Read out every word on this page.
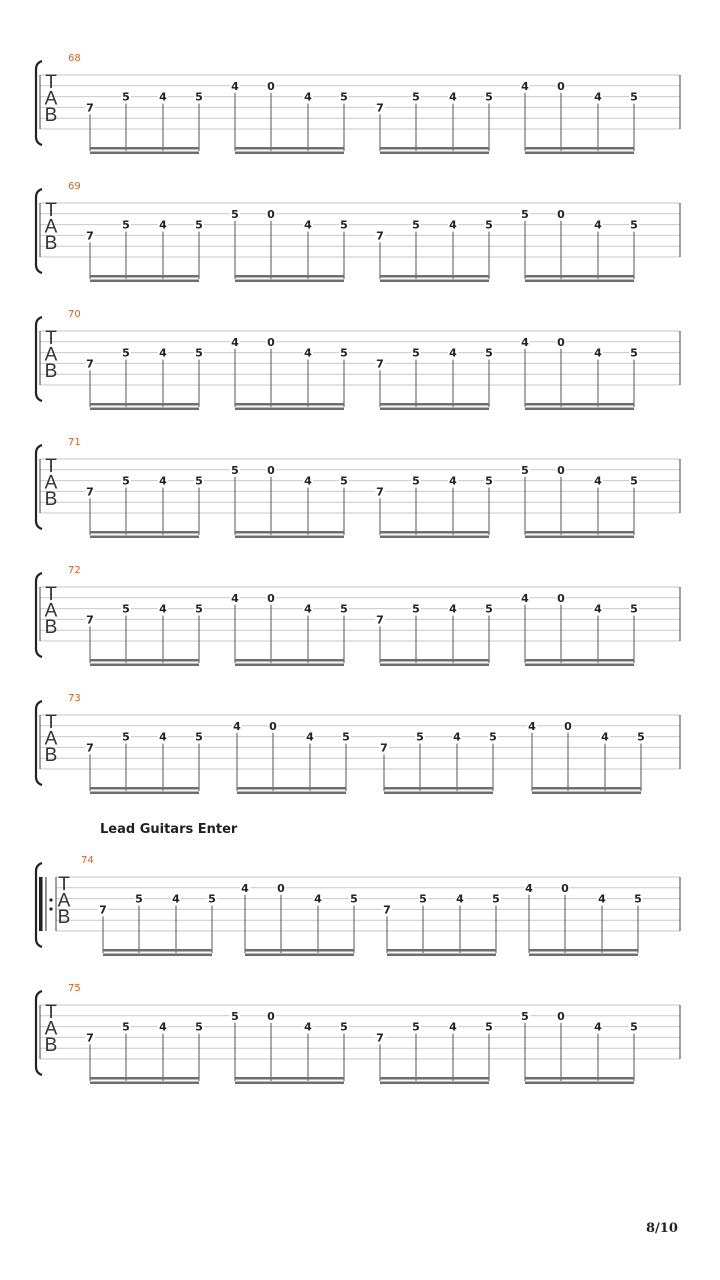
T
A
B
68
7
5	4	5
4	0
4	5
7
5	4	5
4	0
4	5
T
A
B
69
7
5	4	5
5	0
4	5
7
5	4	5
5	0
4	5
T
A
B
70
7
5	4	5
4	0
4	5
7
5	4	5
4	0
4	5
T
A
B
71
7
5	4	5
5	0
4	5
7
5	4	5
5	0
4	5
T
A
B
72
7
5	4	5
4	0
4	5
7
5	4	5
4	0
4	5
T
A
B
73
7
5	4	5
4	0
4	5
7
5	4	5
4	0
4	5
T
A
B
74
7
5	4	5
4	0
4	5
7
5	4	5
4	0
4	5
T
A
B
75
7
5	4	5
5	0
4	5
7
5	4	5
5	0
4	5
Lead Guitars Enter
8/10
